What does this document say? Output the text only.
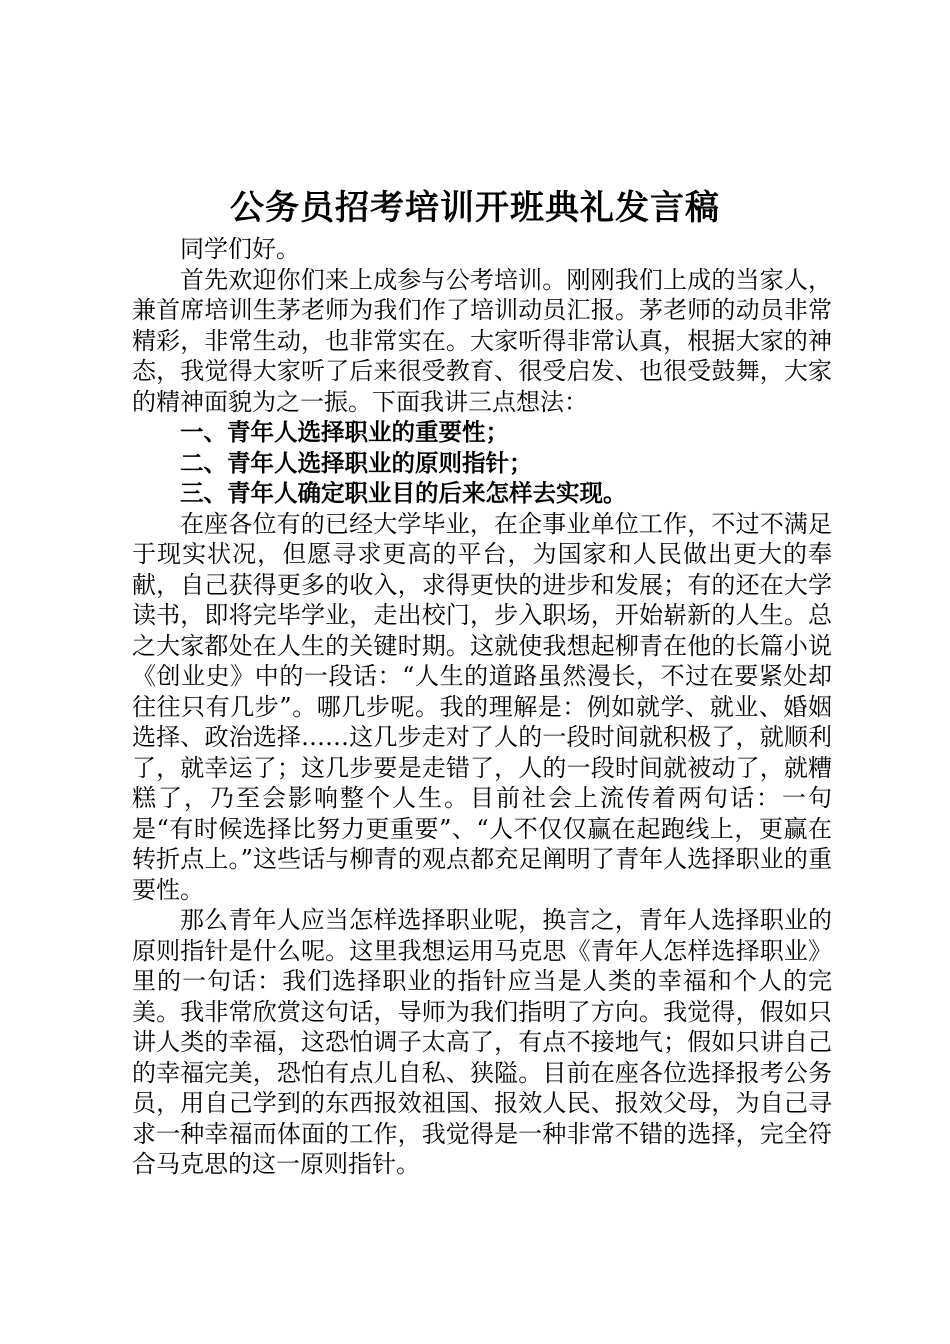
公务员招考培训开班典礼发言稿

同学们好。

首先欢迎你们来上成参与公考培训。刚刚我们上成的当家人，兼首席培训生茅老师为我们作了培训动员汇报。茅老师的动员非常精彩，非常生动，也非常实在。大家听得非常认真，根据大家的神态，我觉得大家听了后来很受教育、很受启发、也很受鼓舞，大家的精神面貌为之一振。下面我讲三点想法：

一、青年人选择职业的重要性；

二、青年人选择职业的原则指针；

三、青年人确定职业目的后来怎样去实现。

在座各位有的已经大学毕业，在企事业单位工作，不过不满足于现实状况，但愿寻求更高的平台，为国家和人民做出更大的奉献，自己获得更多的收入，求得更快的进步和发展；有的还在大学读书，即将完毕学业，走出校门，步入职场，开始崭新的人生。总之大家都处在人生的关键时期。这就使我想起柳青在他的长篇小说《创业史》中的一段话：“人生的道路虽然漫长，不过在要紧处却往往只有几步”。哪几步呢。我的理解是：例如就学、就业、婚姻选择、政治选择……这几步走对了人的一段时间就积极了，就顺利了，就幸运了；这几步要是走错了，人的一段时间就被动了，就糟糕了，乃至会影响整个人生。目前社会上流传着两句话：一句是“有时候选择比努力更重要”、“人不仅仅赢在起跑线上，更赢在转折点上。”这些话与柳青的观点都充足阐明了青年人选择职业的重要性。

那么青年人应当怎样选择职业呢，换言之，青年人选择职业的原则指针是什么呢。这里我想运用马克思《青年人怎样选择职业》里的一句话：我们选择职业的指针应当是人类的幸福和个人的完美。我非常欣赏这句话，导师为我们指明了方向。我觉得，假如只讲人类的幸福，这恐怕调子太高了，有点不接地气；假如只讲自己的幸福完美，恐怕有点儿自私、狭隘。目前在座各位选择报考公务员，用自己学到的东西报效祖国、报效人民、报效父母，为自己寻求一种幸福而体面的工作，我觉得是一种非常不错的选择，完全符合马克思的这一原则指针。
